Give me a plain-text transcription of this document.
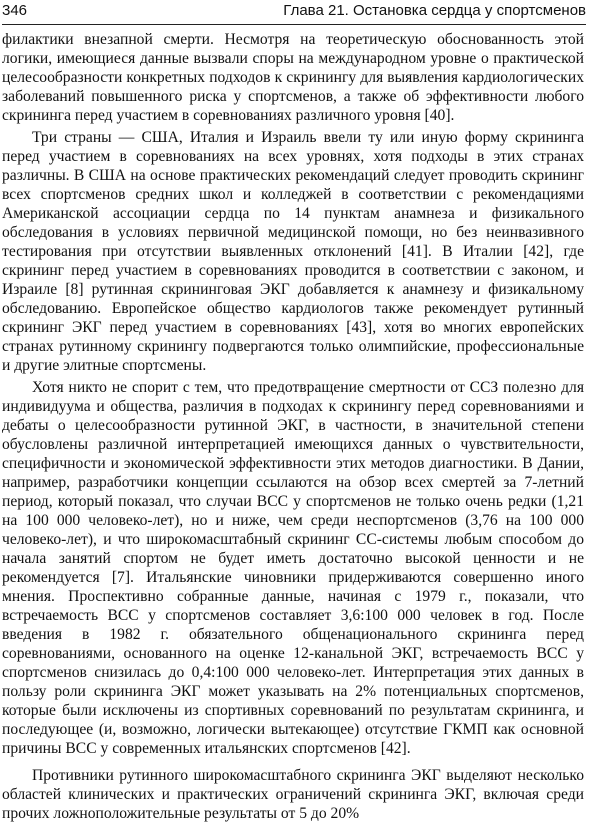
346	Глава 21. Остановка сердца у спортсменов

филактики внезапной смерти. Несмотря на теоретическую обоснованность этой логики, имеющиеся данные вызвали споры на международном уровне о практической целесообразности конкретных подходов к скринингу для выявления кардиологических заболеваний повышенного риска у спортсменов, а также об эффективности любого скрининга перед участием в соревнованиях различного уровня [40].

Три страны — США, Италия и Израиль ввели ту или иную форму скрининга перед участием в соревнованиях на всех уровнях, хотя подходы в этих странах различны. В США на основе практических рекомендаций следует проводить скрининг всех спортсменов средних школ и колледжей в соответствии с рекомендациями Американской ассоциации сердца по 14 пунктам анамнеза и физикального обследования в условиях первичной медицинской помощи, но без неинвазивного тестирования при отсутствии выявленных отклонений [41]. В Италии [42], где скрининг перед участием в соревнованиях проводится в соответствии с законом, и Израиле [8] рутинная скрининговая ЭКГ добавляется к анамнезу и физикальному обследованию. Европейское общество кардиологов также рекомендует рутинный скрининг ЭКГ перед участием в соревнованиях [43], хотя во многих европейских странах рутинному скринингу подвергаются только олимпийские, профессиональные и другие элитные спортсмены.

Хотя никто не спорит с тем, что предотвращение смертности от ССЗ полезно для индивидуума и общества, различия в подходах к скринингу перед соревнованиями и дебаты о целесообразности рутинной ЭКГ, в частности, в значительной степени обусловлены различной интерпретацией имеющихся данных о чувствительности, специфичности и экономической эффективности этих методов диагностики. В Дании, например, разработчики концепции ссылаются на обзор всех смертей за 7-летний период, который показал, что случаи ВСС у спортсменов не только очень редки (1,21 на 100 000 человеко-лет), но и ниже, чем среди неспортсменов (3,76 на 100 000 человеко-лет), и что широкомасштабный скрининг СС-системы любым способом до начала занятий спортом не будет иметь достаточно высокой ценности и не рекомендуется [7]. Итальянские чиновники придерживаются совершенно иного мнения. Проспективно собранные данные, начиная с 1979 г., показали, что встречаемость ВСС у спортсменов составляет 3,6:100 000 человек в год. После введения в 1982 г. обязательного общенационального скрининга перед соревнованиями, основанного на оценке 12-канальной ЭКГ, встречаемость ВСС у спортсменов снизилась до 0,4:100 000 человеко-лет. Интерпретация этих данных в пользу роли скрининга ЭКГ может указывать на 2% потенциальных спортсменов, которые были исключены из спортивных соревнований по результатам скрининга, и последующее (и, возможно, логически вытекающее) отсутствие ГКМП как основной причины ВСС у современных итальянских спортсменов [42].

Противники рутинного широкомасштабного скрининга ЭКГ выделяют несколько областей клинических и практических ограничений скрининга ЭКГ, включая среди прочих ложноположительные результаты от 5 до 20%
